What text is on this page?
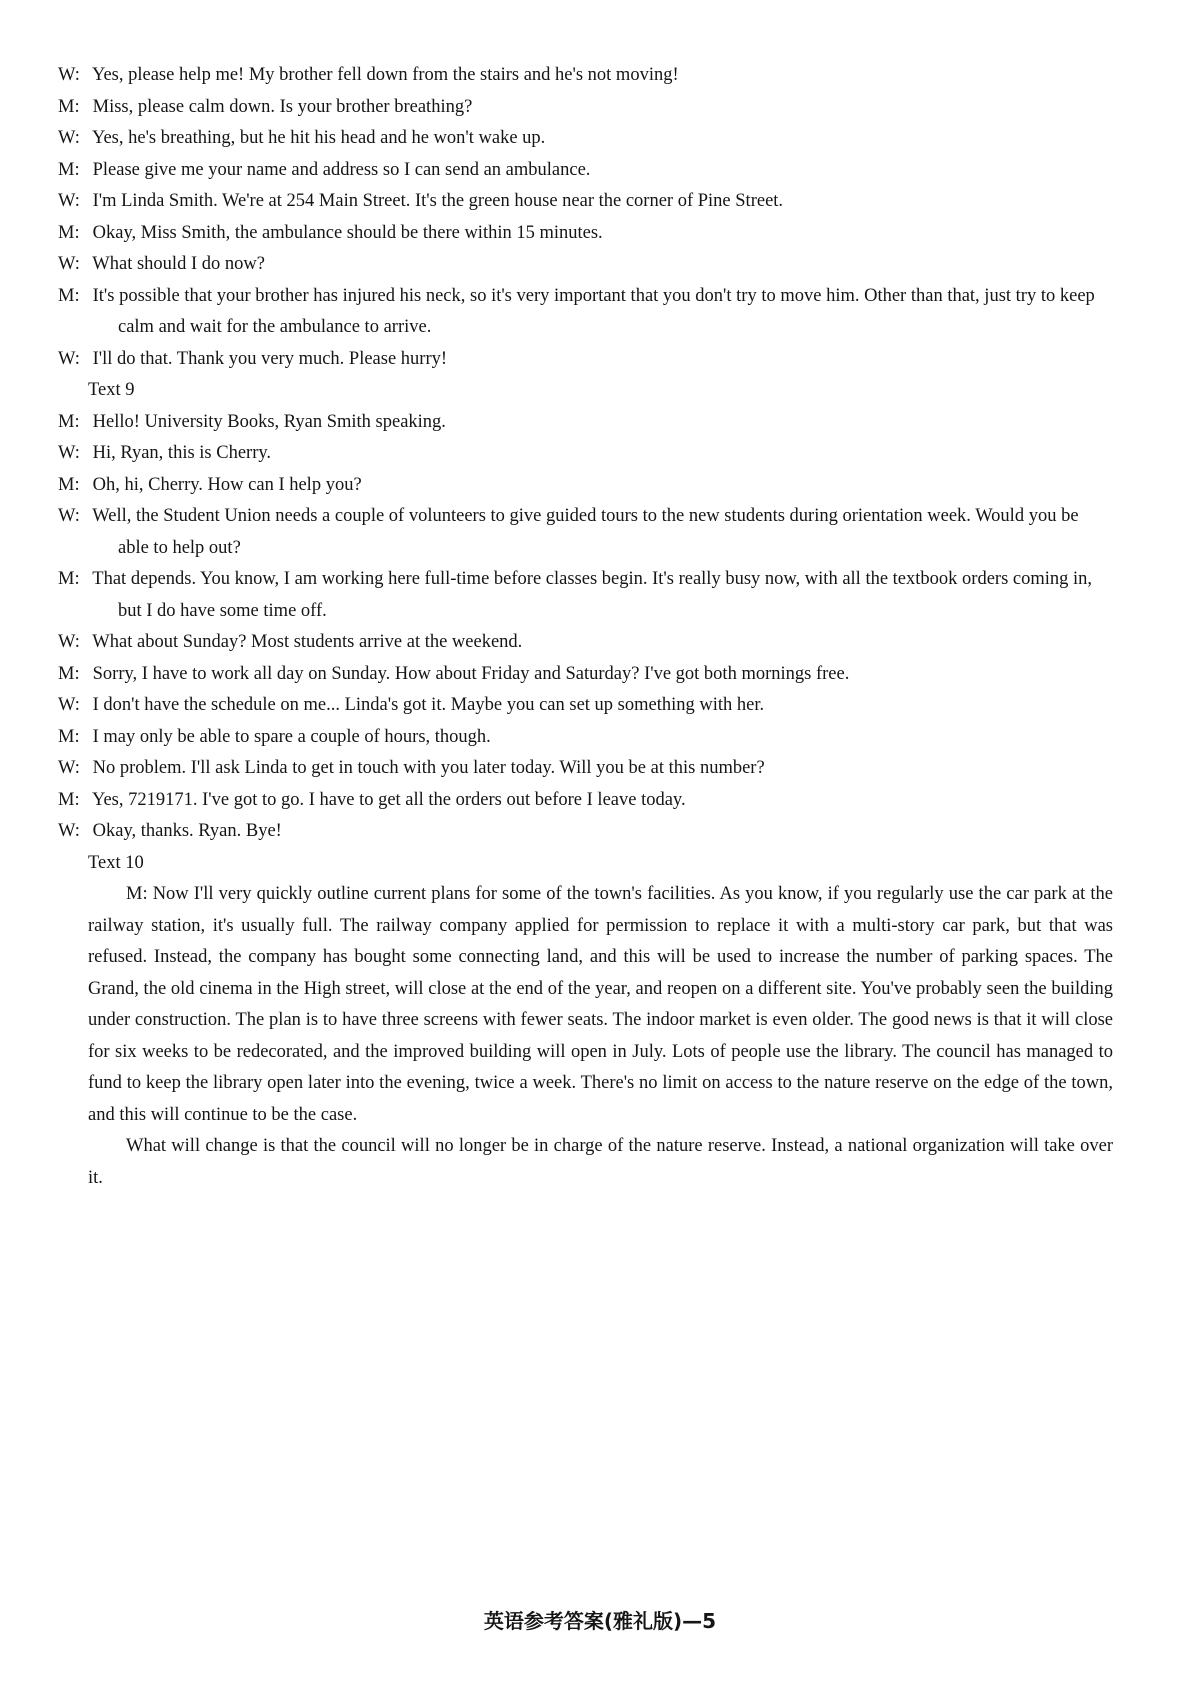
W: Yes, please help me! My brother fell down from the stairs and he's not moving!

M: Miss, please calm down. Is your brother breathing?

W: Yes, he's breathing, but he hit his head and he won't wake up.

M: Please give me your name and address so I can send an ambulance.

W: I'm Linda Smith. We're at 254 Main Street. It's the green house near the corner of Pine Street.

M: Okay, Miss Smith, the ambulance should be there within 15 minutes.

W: What should I do now?

M: It's possible that your brother has injured his neck, so it's very important that you don't try to move him. Other than that, just try to keep calm and wait for the ambulance to arrive.

W: I'll do that. Thank you very much. Please hurry!

Text 9

M: Hello! University Books, Ryan Smith speaking.

W: Hi, Ryan, this is Cherry.

M: Oh, hi, Cherry. How can I help you?

W: Well, the Student Union needs a couple of volunteers to give guided tours to the new students during orientation week. Would you be able to help out?

M: That depends. You know, I am working here full-time before classes begin. It's really busy now, with all the textbook orders coming in, but I do have some time off.

W: What about Sunday? Most students arrive at the weekend.

M: Sorry, I have to work all day on Sunday. How about Friday and Saturday? I've got both mornings free.

W: I don't have the schedule on me... Linda's got it. Maybe you can set up something with her.

M: I may only be able to spare a couple of hours, though.

W: No problem. I'll ask Linda to get in touch with you later today. Will you be at this number?

M: Yes, 7219171. I've got to go. I have to get all the orders out before I leave today.

W: Okay, thanks. Ryan. Bye!

Text 10

M: Now I'll very quickly outline current plans for some of the town's facilities. As you know, if you regularly use the car park at the railway station, it's usually full. The railway company applied for permission to replace it with a multi-story car park, but that was refused. Instead, the company has bought some connecting land, and this will be used to increase the number of parking spaces. The Grand, the old cinema in the High street, will close at the end of the year, and reopen on a different site. You've probably seen the building under construction. The plan is to have three screens with fewer seats. The indoor market is even older. The good news is that it will close for six weeks to be redecorated, and the improved building will open in July. Lots of people use the library. The council has managed to fund to keep the library open later into the evening, twice a week. There's no limit on access to the nature reserve on the edge of the town, and this will continue to be the case.

What will change is that the council will no longer be in charge of the nature reserve. Instead, a national organization will take over it.

英语参考答案(雅礼版)—5
